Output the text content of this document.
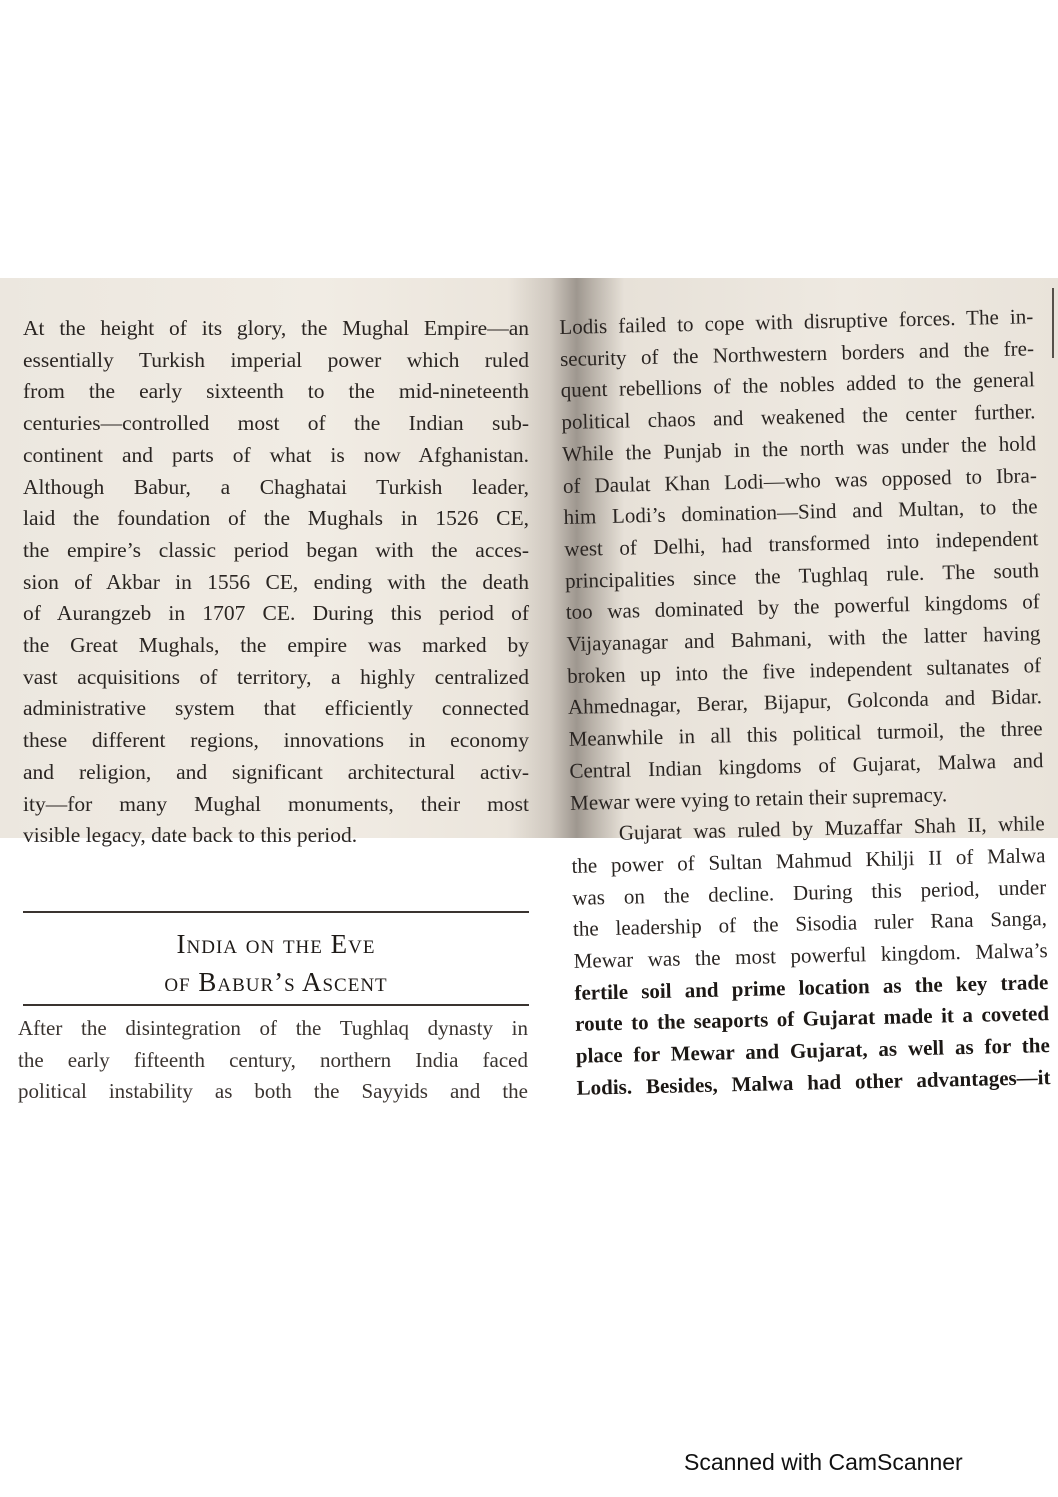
At the height of its glory, the Mughal Empire—an
essentially Turkish imperial power which ruled
from the early sixteenth to the mid-nineteenth
centuries—controlled most of the Indian sub-
continent and parts of what is now Afghanistan.
Although Babur, a Chaghatai Turkish leader,
laid the foundation of the Mughals in 1526 CE,
the empire’s classic period began with the acces-
sion of Akbar in 1556 CE, ending with the death
of Aurangzeb in 1707 CE. During this period of
the Great Mughals, the empire was marked by
vast acquisitions of territory, a highly centralized
administrative system that efficiently connected
these different regions, innovations in economy
and religion, and significant architectural activ-
ity—for many Mughal monuments, their most
visible legacy, date back to this period.
India on the Eve
of Babur’s Ascent
After the disintegration of the Tughlaq dynasty in
the early fifteenth century, northern India faced
political instability as both the Sayyids and the
Lodis failed to cope with disruptive forces. The in-
security of the Northwestern borders and the fre-
quent rebellions of the nobles added to the general
political chaos and weakened the center further.
While the Punjab in the north was under the hold
of Daulat Khan Lodi—who was opposed to Ibra-
him Lodi’s domination—Sind and Multan, to the
west of Delhi, had transformed into independent
principalities since the Tughlaq rule. The south
too was dominated by the powerful kingdoms of
Vijayanagar and Bahmani, with the latter having
broken up into the five independent sultanates of
Ahmednagar, Berar, Bijapur, Golconda and Bidar.
Meanwhile in all this political turmoil, the three
Central Indian kingdoms of Gujarat, Malwa and
Mewar were vying to retain their supremacy.
Gujarat was ruled by Muzaffar Shah II, while
the power of Sultan Mahmud Khilji II of Malwa
was on the decline. During this period, under
the leadership of the Sisodia ruler Rana Sanga,
Mewar was the most powerful kingdom. Malwa’s
fertile soil and prime location as the key trade
route to the seaports of Gujarat made it a coveted
place for Mewar and Gujarat, as well as for the
Lodis. Besides, Malwa had other advantages—it
Scanned with CamScanner
